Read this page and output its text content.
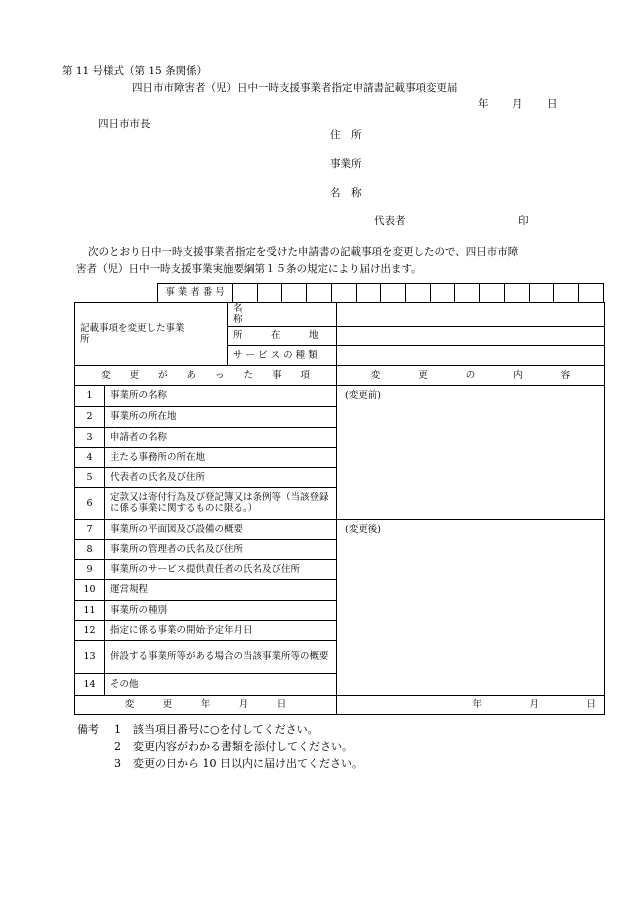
第 11 号様式（第 15 条関係）
四日市市障害者（児）日中一時支援事業者指定申請書記載事項変更届
年 月 日
四日市市長
住　所
事業所
名　称
代表者	印
次のとおり日中一時支援事業者指定を受けた申請書の記載事項を変更したので、四日市市障
害者（児）日中一時支援事業実施要綱第１５条の規定により届け出ます。
事 業 者 番 号															
記載事項を変更した事業　　　　　　　所		名　　　　　　　　　称	
		所　　　在　　　地	
		サ ー ビ ス の 種 類	
変　　更　　が　　あ　　っ　　た　　事　　項			変　　　　更　　　　の　　　　内　　　　容
1	事業所の名称		(変更前)
2	事業所の所在地		
3	申請者の名称		
4	主たる事務所の所在地		
5	代表者の氏名及び住所		
6	定款又は寄付行為及び登記簿又は条例等（当該登録に係る事業に関するものに限る。）		
7	事業所の平面図及び設備の概要		(変更後)
8	事業所の管理者の氏名及び住所		
9	事業所のサービス提供責任者の氏名及び住所		
10	運営規程		
11	事業所の種別		
12	指定に係る事業の開始予定年月日		
13	併設する事業所等がある場合の当該事業所等の概要		
14	その他		
変　　　更　　　年　　　月　　　日			年　　　　　月　　　　　日
備考 1 該当項目番号に○を付してください。
2 変更内容がわかる書類を添付してください。
3 変更の日から 10 日以内に届け出てください。
